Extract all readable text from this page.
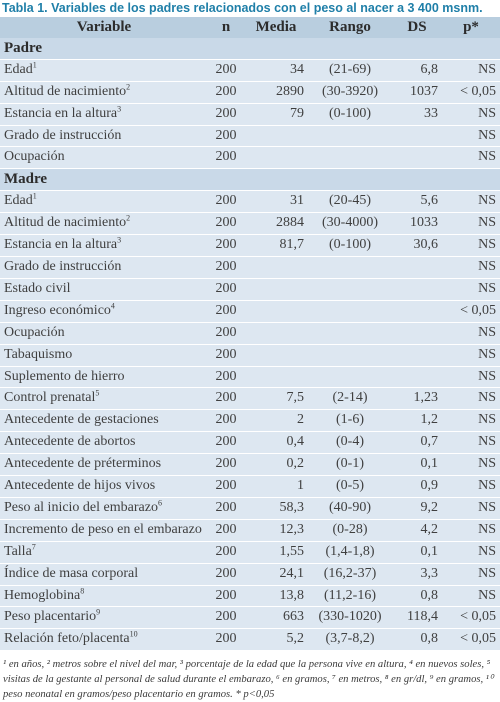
Tabla 1. Variables de los padres relacionados con el peso al nacer a 3 400 msnm.
Variable	n	Media	Rango	DS	p*
Padre					
Edad$^1$	200	34	(21-69)	6,8	NS
Altitud de nacimiento$^2$	200	2890	(30-3920)	1037	< 0,05
Estancia en la altura$^3$	200	79	(0-100)	33	NS
Grado de instrucción	200				NS
Ocupación	200				NS
Madre					
Edad$^1$	200	31	(20-45)	5,6	NS
Altitud de nacimiento$^2$	200	2884	(30-4000)	1033	NS
Estancia en la altura$^3$	200	81,7	(0-100)	30,6	NS
Grado de instrucción	200				NS
Estado civil	200				NS
Ingreso económico$^4$	200				< 0,05
Ocupación	200				NS
Tabaquismo	200				NS
Suplemento de hierro	200				NS
Control prenatal$^5$	200	7,5	(2-14)	1,23	NS
Antecedente de gestaciones	200	2	(1-6)	1,2	NS
Antecedente de abortos	200	0,4	(0-4)	0,7	NS
Antecedente de préterminos	200	0,2	(0-1)	0,1	NS
Antecedente de hijos vivos	200	1	(0-5)	0,9	NS
Peso al inicio del embarazo$^6$	200	58,3	(40-90)	9,2	NS
Incremento de peso en el embarazo	200	12,3	(0-28)	4,2	NS
Talla$^7$	200	1,55	(1,4-1,8)	0,1	NS
Índice de masa corporal	200	24,1	(16,2-37)	3,3	NS
Hemoglobina$^8$	200	13,8	(11,2-16)	0,8	NS
Peso placentario$^9$	200	663	(330-1020)	118,4	< 0,05
Relación feto/placenta$^{10}$	200	5,2	(3,7-8,2)	0,8	< 0,05
¹ en años, ² metros sobre el nivel del mar, ³ porcentaje de la edad que la persona vive en altura, ⁴ en nuevos soles, ⁵ visitas de la gestante al personal de salud durante el embarazo, ⁶ en gramos, ⁷ en metros, ⁸ en gr/dl, ⁹ en gramos, ¹⁰ peso neonatal en gramos/peso placentario en gramos. * p<0,05
